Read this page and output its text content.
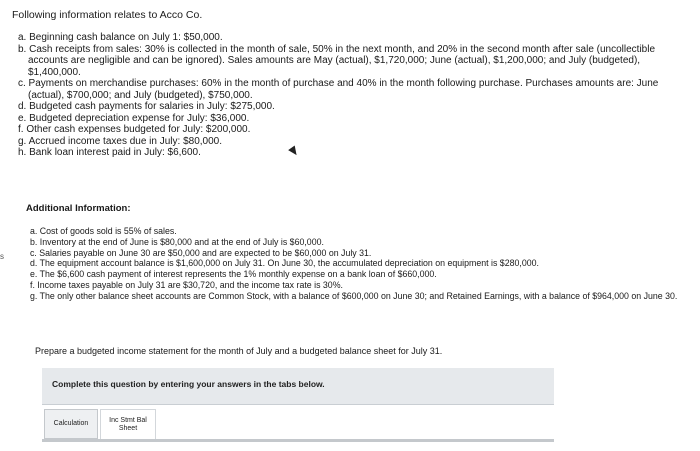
Following information relates to Acco Co.
a. Beginning cash balance on July 1: $50,000.
b. Cash receipts from sales: 30% is collected in the month of sale, 50% in the next month, and 20% in the second month after sale (uncollectible accounts are negligible and can be ignored). Sales amounts are May (actual), $1,720,000; June (actual), $1,200,000; and July (budgeted), $1,400,000.
c. Payments on merchandise purchases: 60% in the month of purchase and 40% in the month following purchase. Purchases amounts are: June (actual), $700,000; and July (budgeted), $750,000.
d. Budgeted cash payments for salaries in July: $275,000.
e. Budgeted depreciation expense for July: $36,000.
f. Other cash expenses budgeted for July: $200,000.
g. Accrued income taxes due in July: $80,000.
h. Bank loan interest paid in July: $6,600.
s
Additional Information:
a. Cost of goods sold is 55% of sales.
b. Inventory at the end of June is $80,000 and at the end of July is $60,000.
c. Salaries payable on June 30 are $50,000 and are expected to be $60,000 on July 31.
d. The equipment account balance is $1,600,000 on July 31. On June 30, the accumulated depreciation on equipment is $280,000.
e. The $6,600 cash payment of interest represents the 1% monthly expense on a bank loan of $660,000.
f. Income taxes payable on July 31 are $30,720, and the income tax rate is 30%.
g. The only other balance sheet accounts are Common Stock, with a balance of $600,000 on June 30; and Retained Earnings, with a balance of $964,000 on June 30.
Prepare a budgeted income statement for the month of July and a budgeted balance sheet for July 31.
Complete this question by entering your answers in the tabs below.
Calculation	Inc Stmt Bal Sheet
